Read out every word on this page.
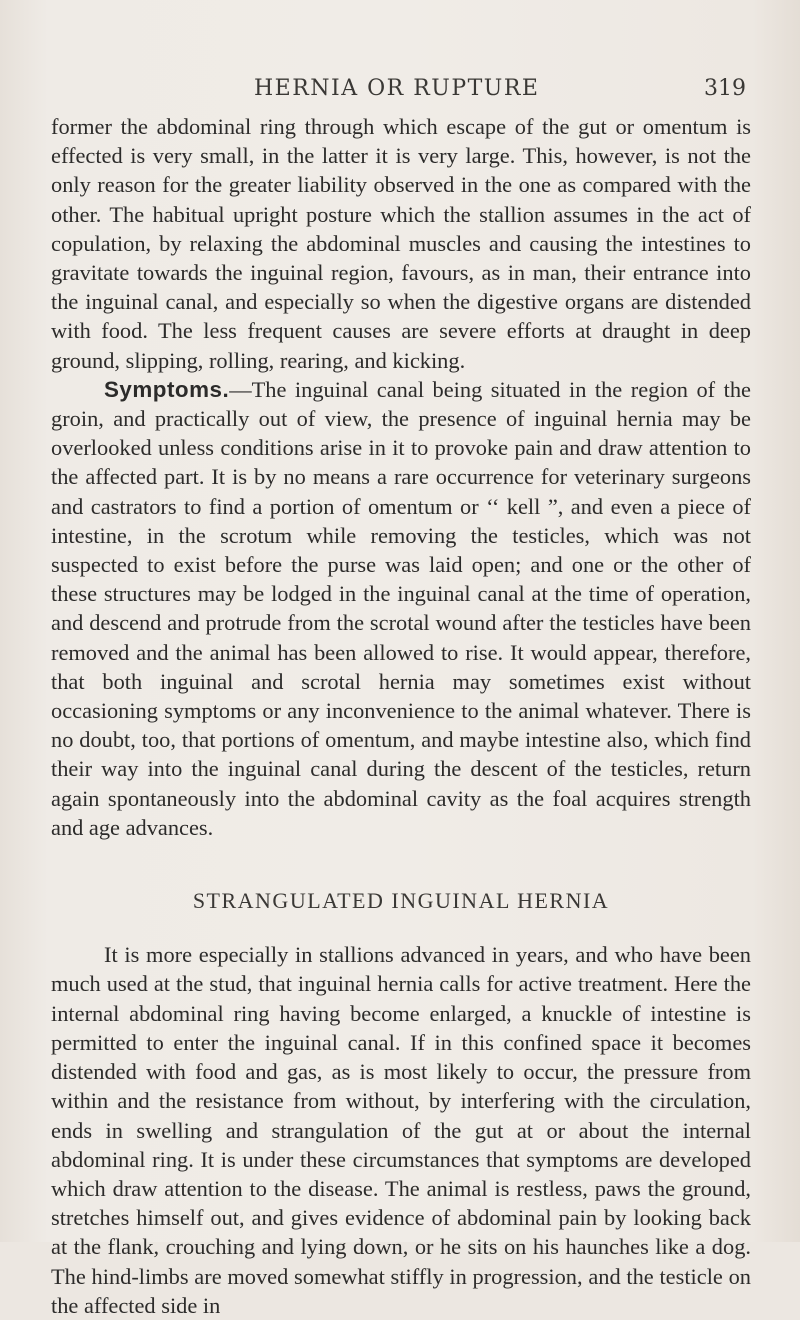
HERNIA OR RUPTURE	319

former the abdominal ring through which escape of the gut or omentum is effected is very small, in the latter it is very large. This, however, is not the only reason for the greater liability observed in the one as compared with the other. The habitual upright posture which the stallion assumes in the act of copulation, by relaxing the abdominal muscles and causing the intestines to gravitate towards the inguinal region, favours, as in man, their entrance into the inguinal canal, and especially so when the digestive organs are distended with food. The less frequent causes are severe efforts at draught in deep ground, slipping, rolling, rearing, and kicking.

Symptoms.—The inguinal canal being situated in the region of the groin, and practically out of view, the presence of inguinal hernia may be overlooked unless conditions arise in it to provoke pain and draw attention to the affected part. It is by no means a rare occurrence for veterinary surgeons and castrators to find a portion of omentum or ‘‘ kell ”, and even a piece of intestine, in the scrotum while removing the testicles, which was not suspected to exist before the purse was laid open; and one or the other of these structures may be lodged in the inguinal canal at the time of operation, and descend and protrude from the scrotal wound after the testicles have been removed and the animal has been allowed to rise. It would appear, therefore, that both inguinal and scrotal hernia may sometimes exist without occasioning symptoms or any inconvenience to the animal whatever. There is no doubt, too, that portions of omentum, and maybe intestine also, which find their way into the inguinal canal during the descent of the testicles, return again spontaneously into the abdominal cavity as the foal acquires strength and age advances.

STRANGULATED INGUINAL HERNIA

It is more especially in stallions advanced in years, and who have been much used at the stud, that inguinal hernia calls for active treatment. Here the internal abdominal ring having become enlarged, a knuckle of intestine is permitted to enter the inguinal canal. If in this confined space it becomes distended with food and gas, as is most likely to occur, the pressure from within and the resistance from without, by interfering with the circulation, ends in swelling and strangulation of the gut at or about the internal abdominal ring. It is under these circumstances that symptoms are developed which draw attention to the disease. The animal is restless, paws the ground, stretches himself out, and gives evidence of abdominal pain by looking back at the flank, crouching and lying down, or he sits on his haunches like a dog. The hind-limbs are moved somewhat stiffly in progression, and the testicle on the affected side in
